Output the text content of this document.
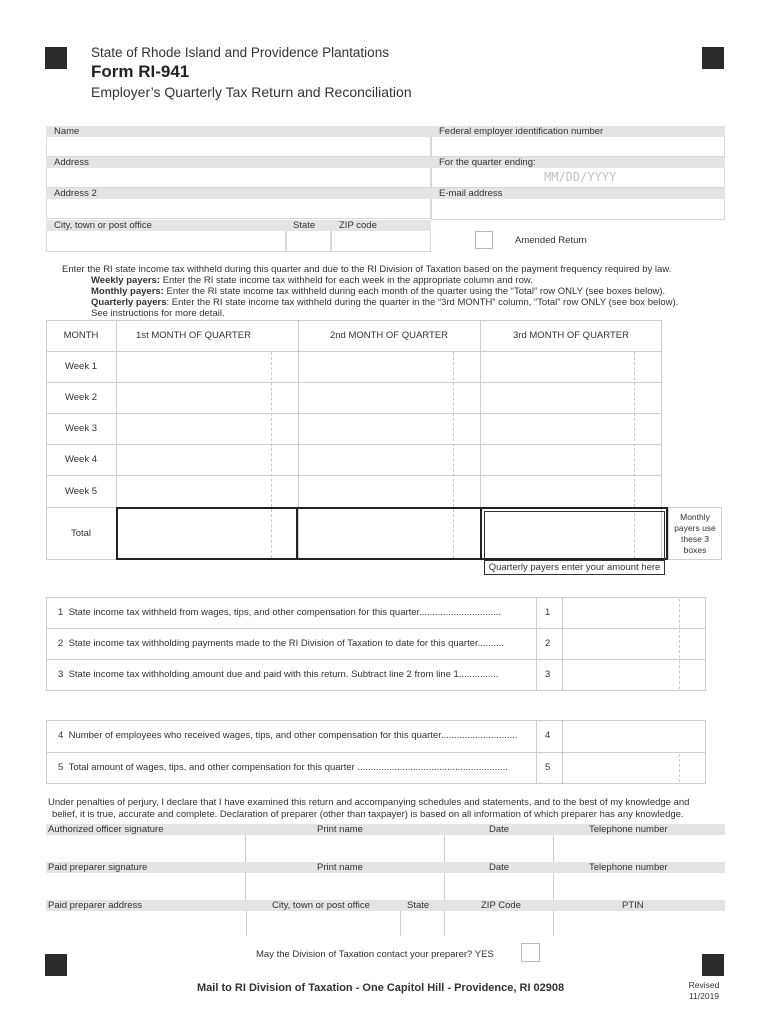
State of Rhode Island and Providence Plantations
Form RI-941
Employer’s Quarterly Tax Return and Reconciliation
Name	Federal employer identification number
Address	For the quarter ending:
MM/DD/YYYY
Address 2	E-mail address
City, town or post office	State	ZIP code
Amended Return
Enter the RI state income tax withheld during this quarter and due to the RI Division of Taxation based on the payment frequency required by law.
Weekly payers: Enter the RI state income tax withheld for each week in the appropriate column and row.
Monthly payers: Enter the RI state income tax withheld during each month of the quarter using the “Total” row ONLY (see boxes below).
Quarterly payers: Enter the RI state income tax withheld during the quarter in the “3rd MONTH” column, “Total” row ONLY (see box below).
See instructions for more detail.
MONTH	1st MONTH OF QUARTER	2nd MONTH OF QUARTER	3rd MONTH OF QUARTER
Week 1
Week 2
Week 3
Week 4
Week 5
Total
Monthly payers use these 3 boxes
Quarterly payers enter your amount here
1 State income tax withheld from wages, tips, and other compensation for this quarter...............................	1
2 State income tax withholding payments made to the RI Division of Taxation to date for this quarter..........	2
3 State income tax withholding amount due and paid with this return. Subtract line 2 from line 1...............	3
4 Number of employees who received wages, tips, and other compensation for this quarter.............................	4
5 Total amount of wages, tips, and other compensation for this quarter .........................................................	5
Under penalties of perjury, I declare that I have examined this return and accompanying schedules and statements, and to the best of my knowledge and
belief, it is true, accurate and complete. Declaration of preparer (other than taxpayer) is based on all information of which preparer has any knowledge.
Authorized officer signature	Print name	Date	Telephone number
Paid preparer signature	Print name	Date	Telephone number
Paid preparer address	City, town or post office	State	ZIP Code	PTIN
May the Division of Taxation contact your preparer? YES
Mail to RI Division of Taxation - One Capitol Hill - Providence, RI 02908	Revised
11/2019
